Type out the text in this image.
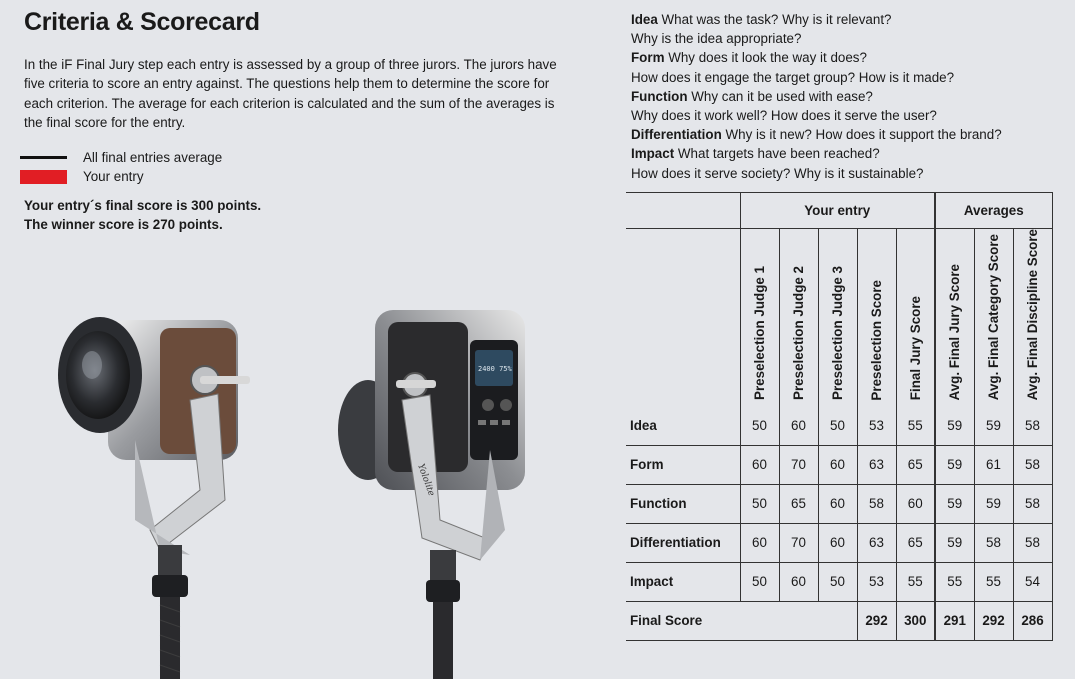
Criteria & Scorecard
In the iF Final Jury step each entry is assessed by a group of three jurors. The jurors have five criteria to score an entry against. The questions help them to determine the score for each criterion. The average for each criterion is calculated and the sum of the averages is the final score for the entry.
All final entries average
Your entry
Your entry´s final score is 300 points.
The winner score is 270 points.
2400 75%
Yololite
Idea What was the task? Why is it relevant?
Why is the idea appropriate?
Form Why does it look the way it does?
How does it engage the target group? How is it made?
Function Why can it be used with ease?
Why does it work well? How does it serve the user?
Differentiation Why is it new? How does it support the brand?
Impact What targets have been reached?
How does it serve society? Why is it sustainable?
	Your entry					Averages		

	Preselection Judge 1	Preselection Judge 2	Preselection Judge 3	Preselection Score	Final Jury Score	Avg. Final Jury Score	Avg. Final Category Score	Avg. Final Discipline Score

Idea	50	60	50	53	55	59	59	58
Form	60	70	60	63	65	59	61	58
Function	50	65	60	58	60	59	59	58
Differentiation	60	70	60	63	65	59	58	58
Impact	50	60	50	53	55	55	55	54
Final Score				292	300	291	292	286
